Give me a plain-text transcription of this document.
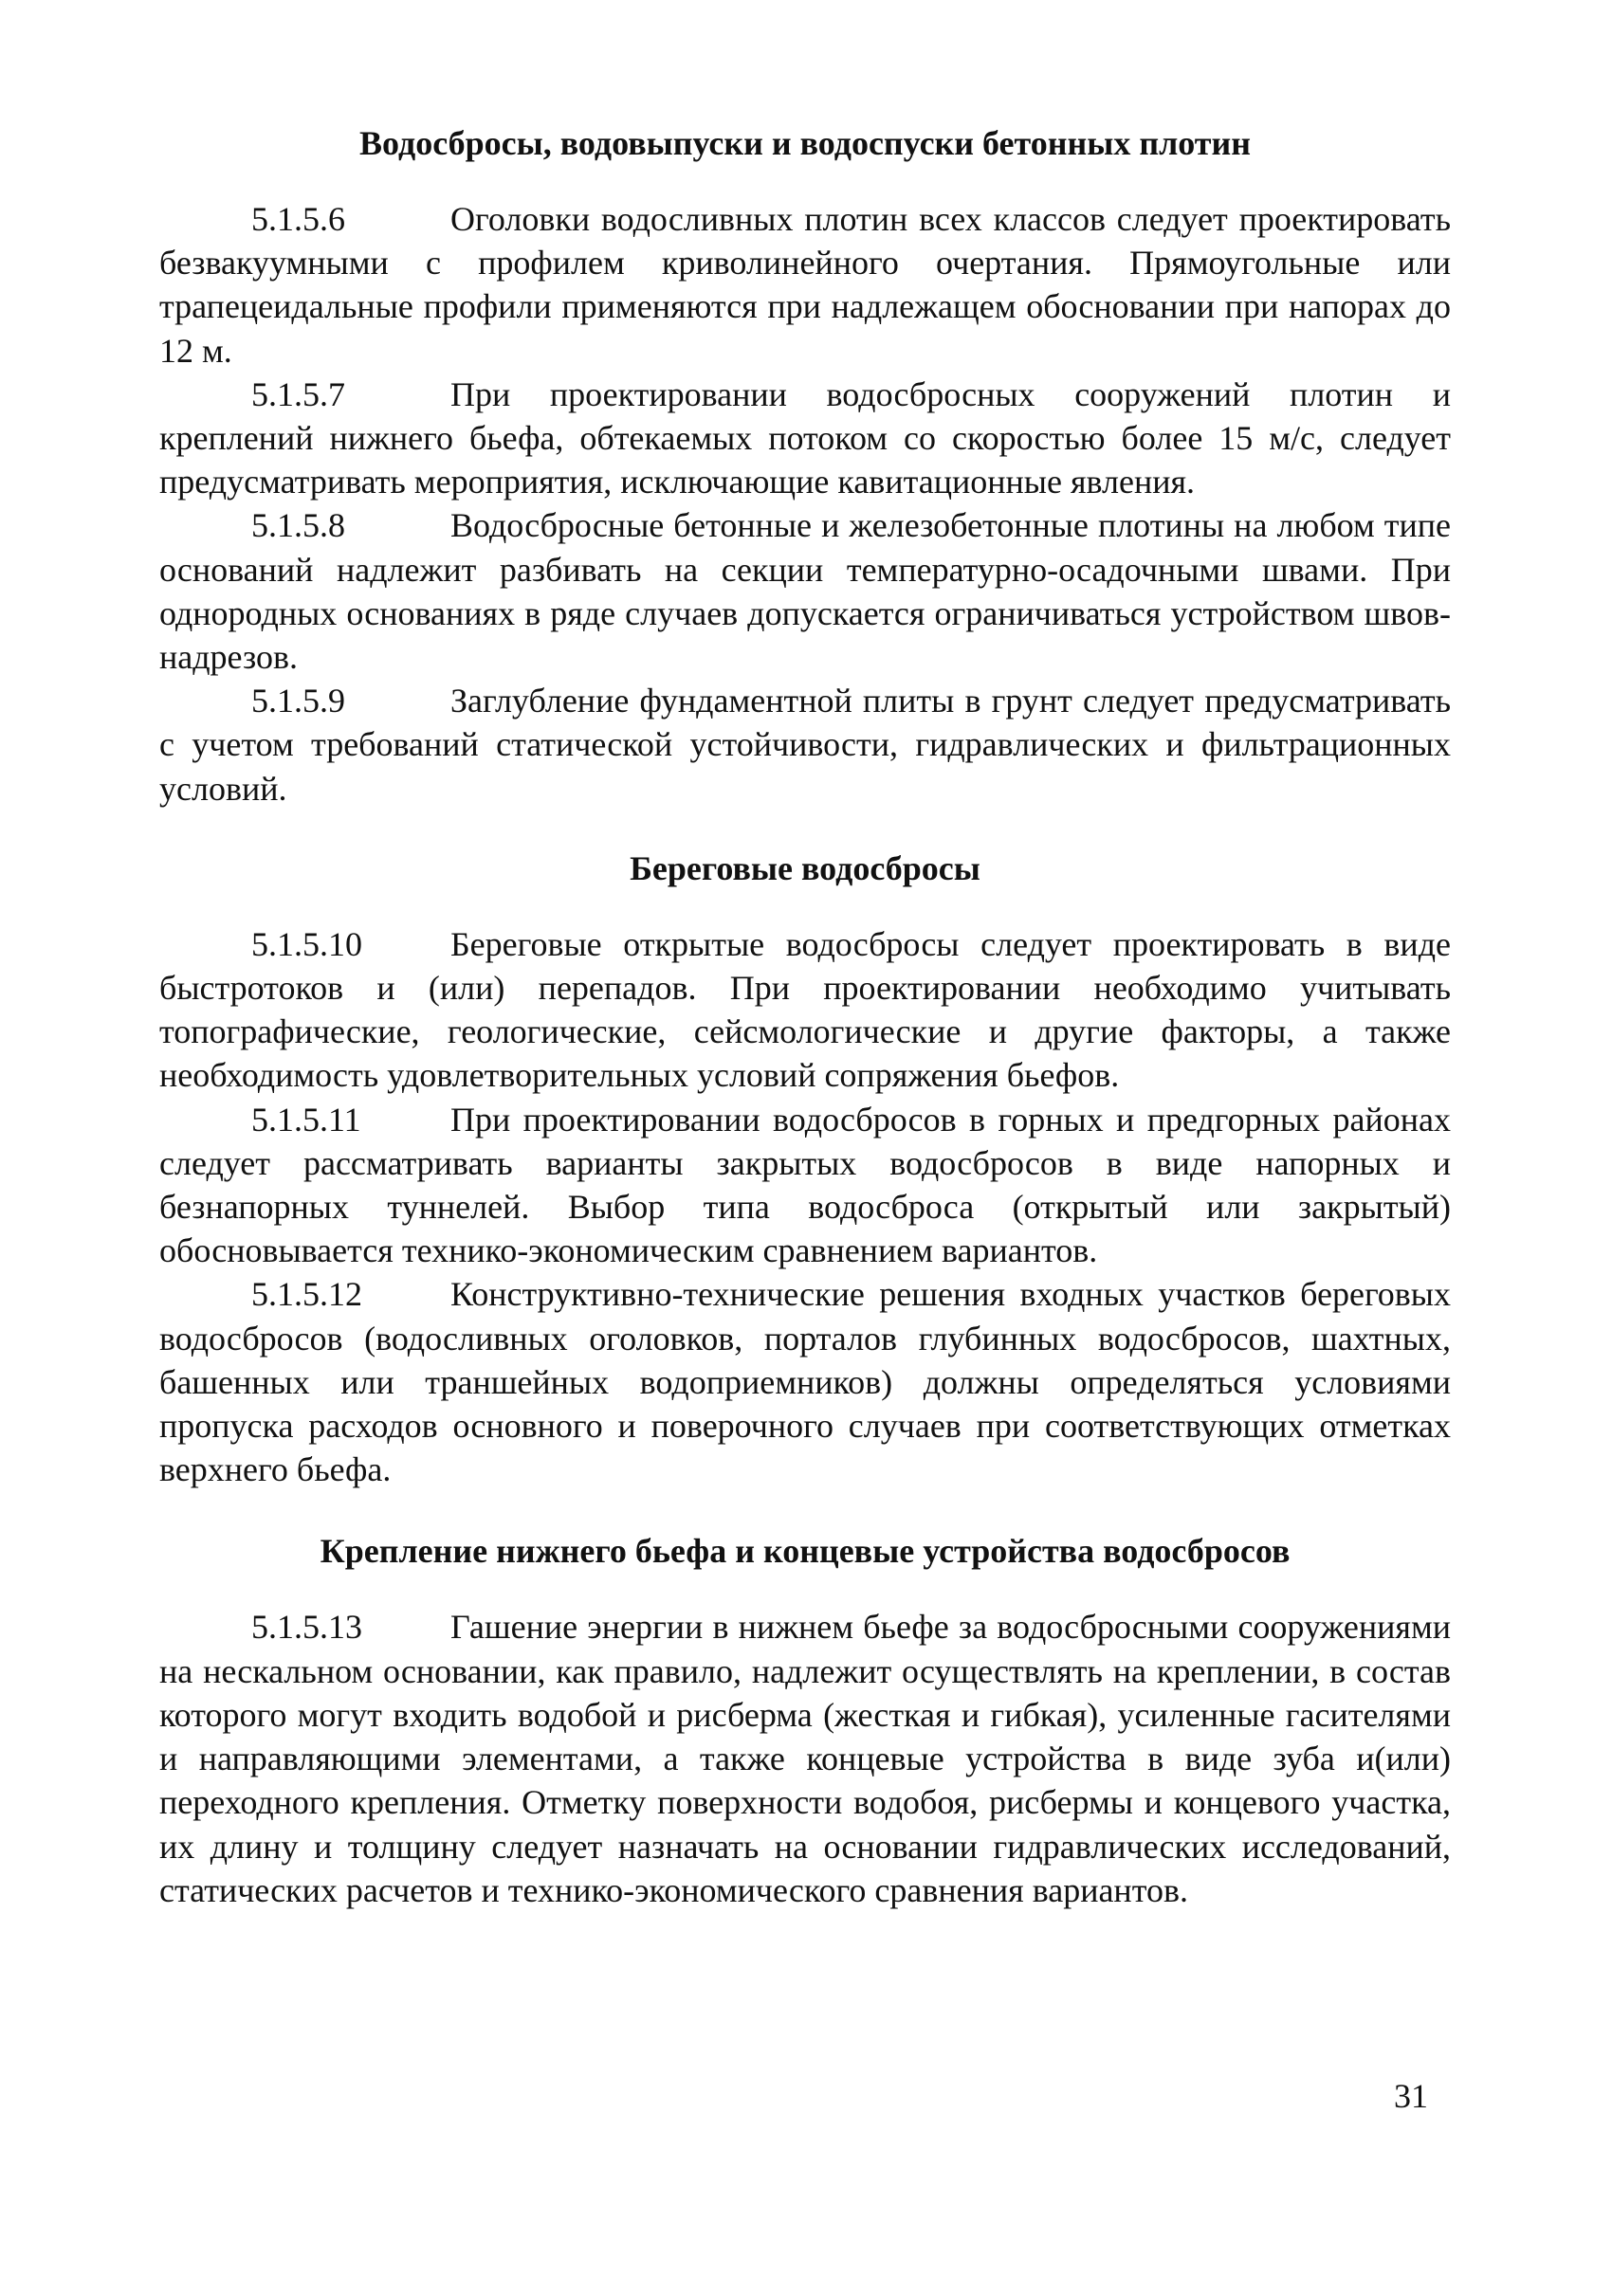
Водосбросы, водовыпуски и водоспуски бетонных плотин

5.1.5.6	Оголовки водосливных плотин всех классов следует проектировать безвакуумными с профилем криволинейного очертания. Прямоугольные или трапецеидальные профили применяются при надлежащем обосновании при напорах до 12 м.

5.1.5.7	При проектировании водосбросных сооружений плотин и креплений нижнего бьефа, обтекаемых потоком со скоростью более 15 м/с, следует предусматривать мероприятия, исключающие кавитационные явления.

5.1.5.8	Водосбросные бетонные и железобетонные плотины на любом типе оснований надлежит разбивать на секции температурно-осадочными швами. При однородных основаниях в ряде случаев допускается ограничиваться устройством швов-надрезов.

5.1.5.9	Заглубление фундаментной плиты в грунт следует предусматривать с учетом требований статической устойчивости, гидравлических и фильтрационных условий.

Береговые водосбросы

5.1.5.10	Береговые открытые водосбросы следует проектировать в виде быстротоков и (или) перепадов. При проектировании необходимо учитывать топографические, геологические, сейсмологические и другие факторы, а также необходимость удовлетворительных условий сопряжения бьефов.

5.1.5.11	При проектировании водосбросов в горных и предгорных районах следует рассматривать варианты закрытых водосбросов в виде напорных и безнапорных туннелей. Выбор типа водосброса (открытый или закрытый) обосновывается технико-экономическим сравнением вариантов.

5.1.5.12	Конструктивно-технические решения входных участков береговых водосбросов (водосливных оголовков, порталов глубинных водосбросов, шахтных, башенных или траншейных водоприемников) должны определяться условиями пропуска расходов основного и поверочного случаев при соответствующих отметках верхнего бьефа.

Крепление нижнего бьефа и концевые устройства водосбросов

5.1.5.13	Гашение энергии в нижнем бьефе за водосбросными сооружениями на нескальном основании, как правило, надлежит осуществлять на креплении, в состав которого могут входить водобой и рисберма (жесткая и гибкая), усиленные гасителями и направляющими элементами, а также концевые устройства в виде зуба и(или) переходного крепления. Отметку поверхности водобоя, рисбермы и концевого участка, их длину и толщину следует назначать на основании гидравлических исследований, статических расчетов и технико-экономического сравнения вариантов.

31
